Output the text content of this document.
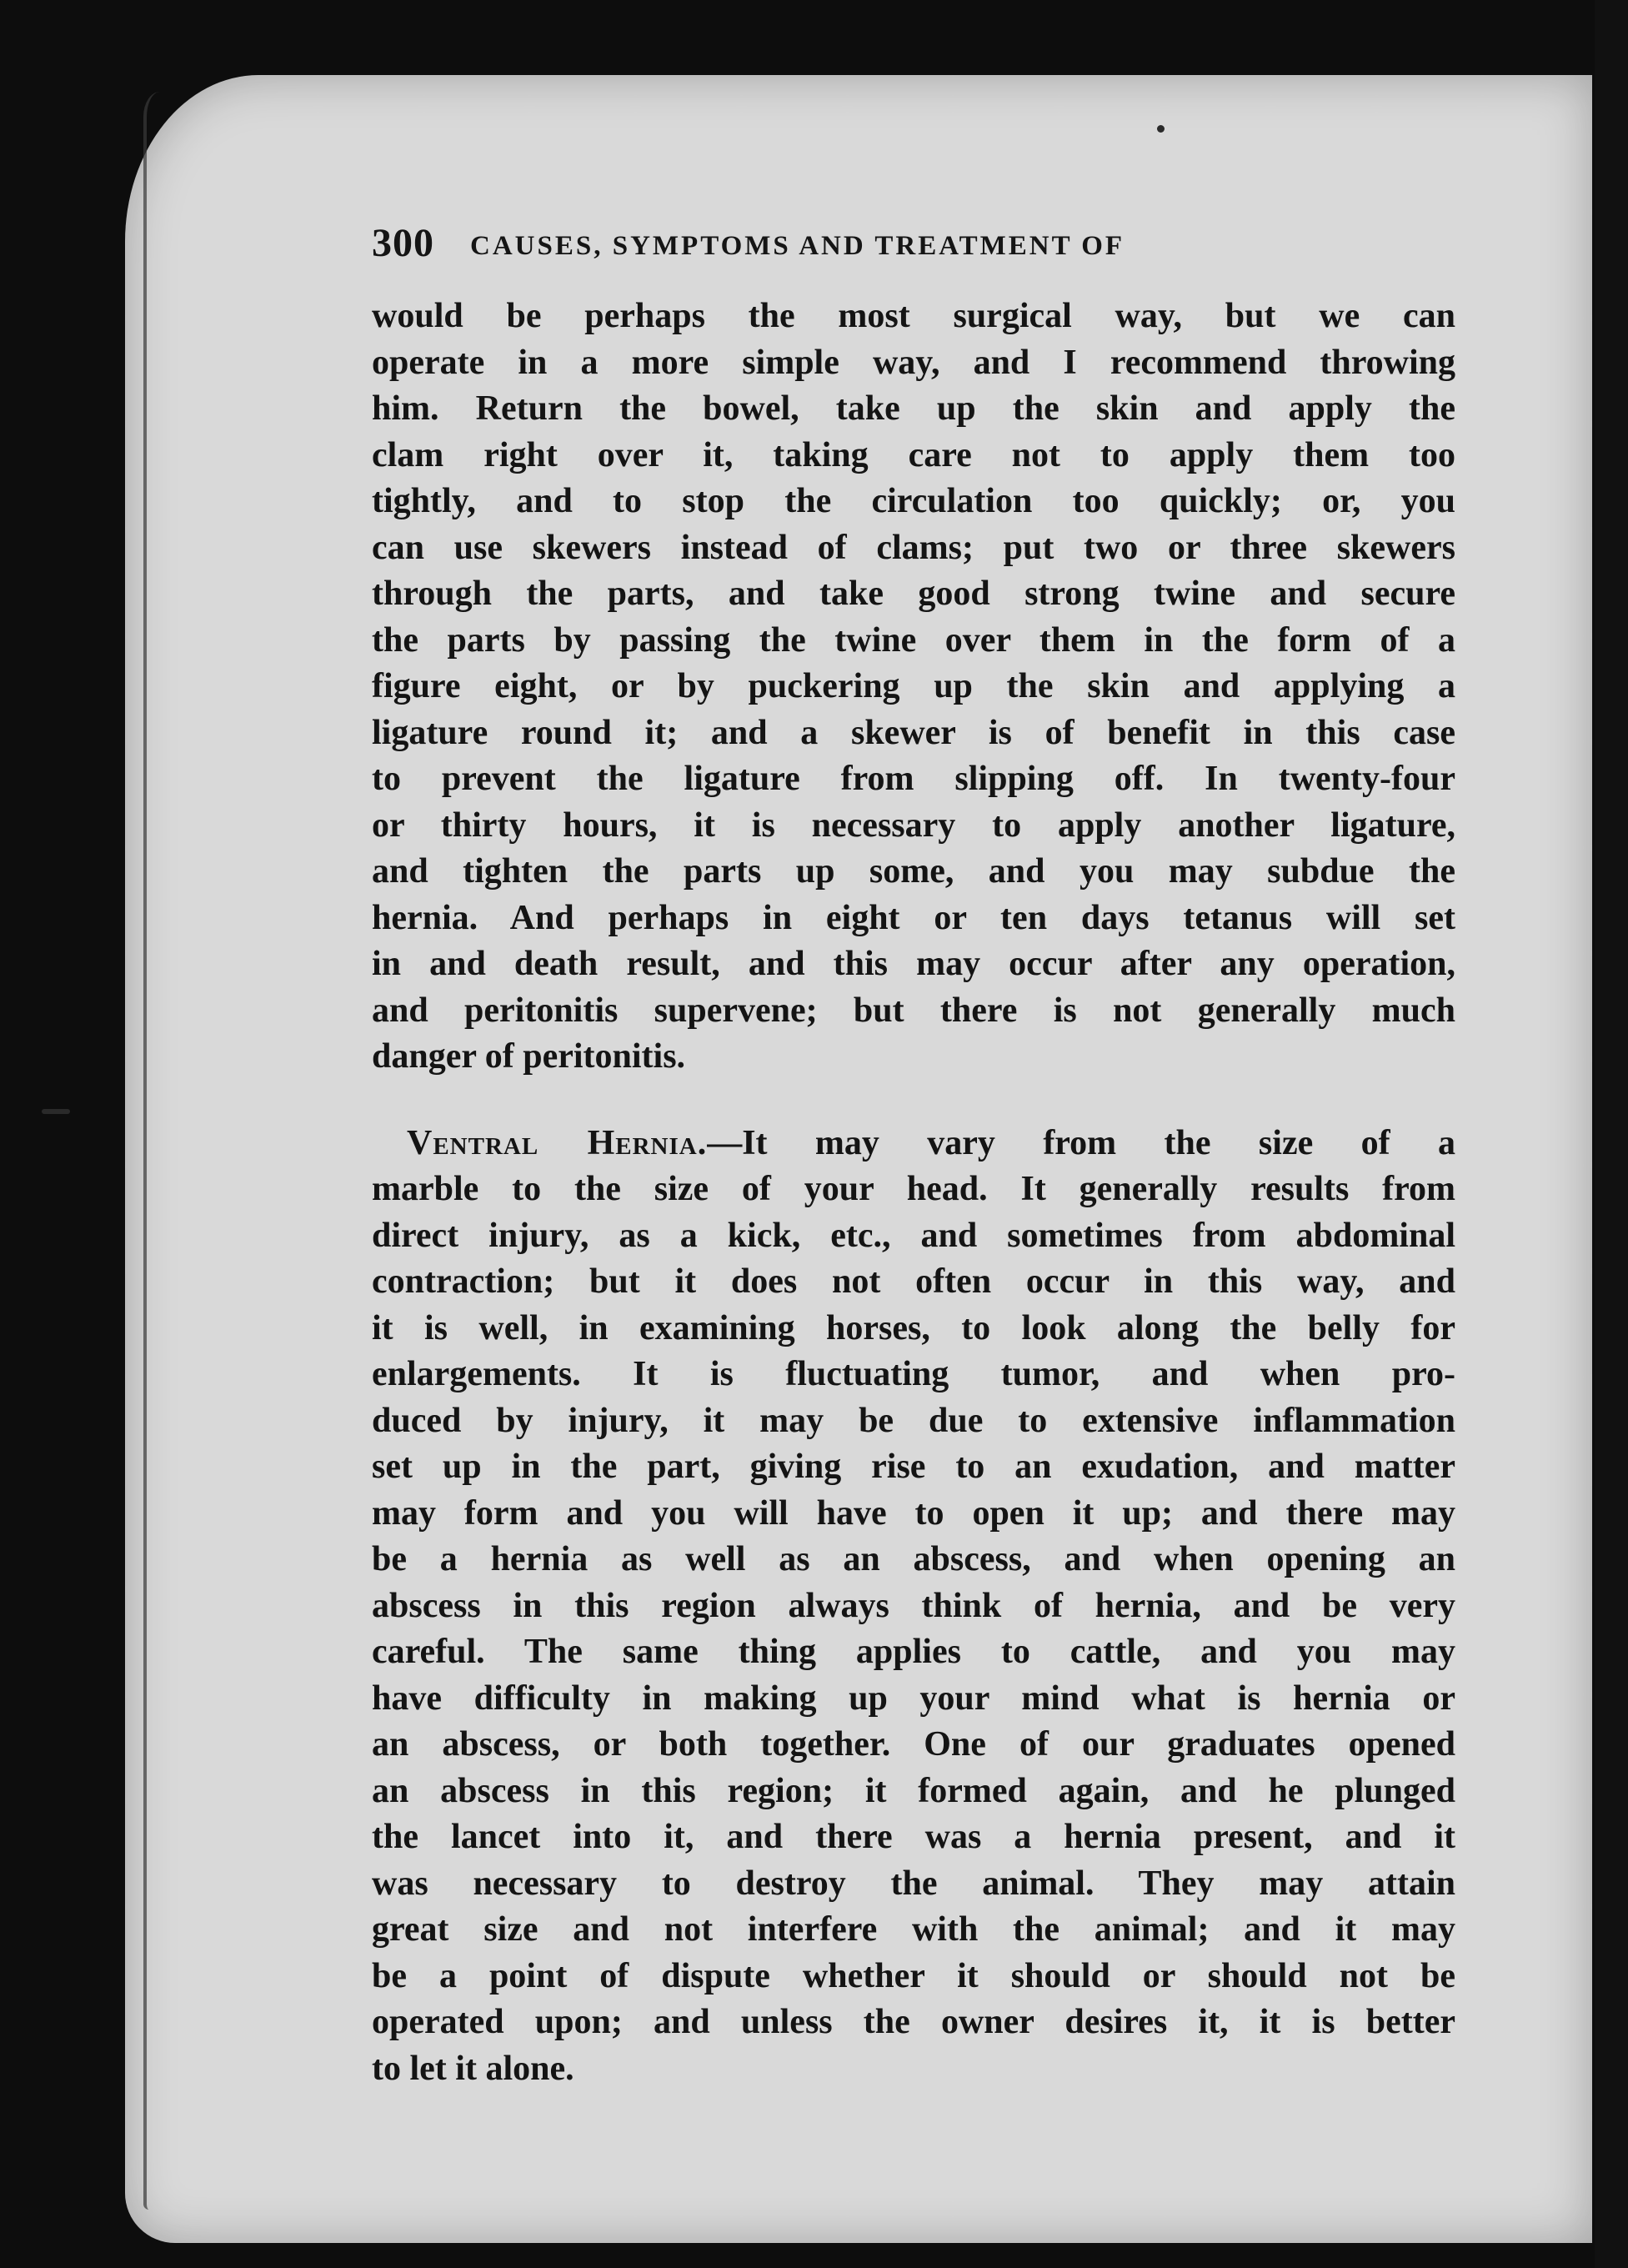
300 CAUSES, SYMPTOMS AND TREATMENT OF
would be perhaps the most surgical way, but we can
operate in a more simple way, and I recommend throwing
him. Return the bowel, take up the skin and apply the
clam right over it, taking care not to apply them too
tightly, and to stop the circulation too quickly; or, you
can use skewers instead of clams; put two or three skewers
through the parts, and take good strong twine and secure
the parts by passing the twine over them in the form of a
figure eight, or by puckering up the skin and applying a
ligature round it; and a skewer is of benefit in this case
to prevent the ligature from slipping off. In twenty-four
or thirty hours, it is necessary to apply another ligature,
and tighten the parts up some, and you may subdue the
hernia. And perhaps in eight or ten days tetanus will set
in and death result, and this may occur after any operation,
and peritonitis supervene; but there is not generally much
danger of peritonitis.
Ventral Hernia.—It may vary from the size of a
marble to the size of your head. It generally results from
direct injury, as a kick, etc., and sometimes from abdominal
contraction; but it does not often occur in this way, and
it is well, in examining horses, to look along the belly for
enlargements. It is fluctuating tumor, and when pro-
duced by injury, it may be due to extensive inflammation
set up in the part, giving rise to an exudation, and matter
may form and you will have to open it up; and there may
be a hernia as well as an abscess, and when opening an
abscess in this region always think of hernia, and be very
careful. The same thing applies to cattle, and you may
have difficulty in making up your mind what is hernia or
an abscess, or both together. One of our graduates opened
an abscess in this region; it formed again, and he plunged
the lancet into it, and there was a hernia present, and it
was necessary to destroy the animal. They may attain
great size and not interfere with the animal; and it may
be a point of dispute whether it should or should not be
operated upon; and unless the owner desires it, it is better
to let it alone.
